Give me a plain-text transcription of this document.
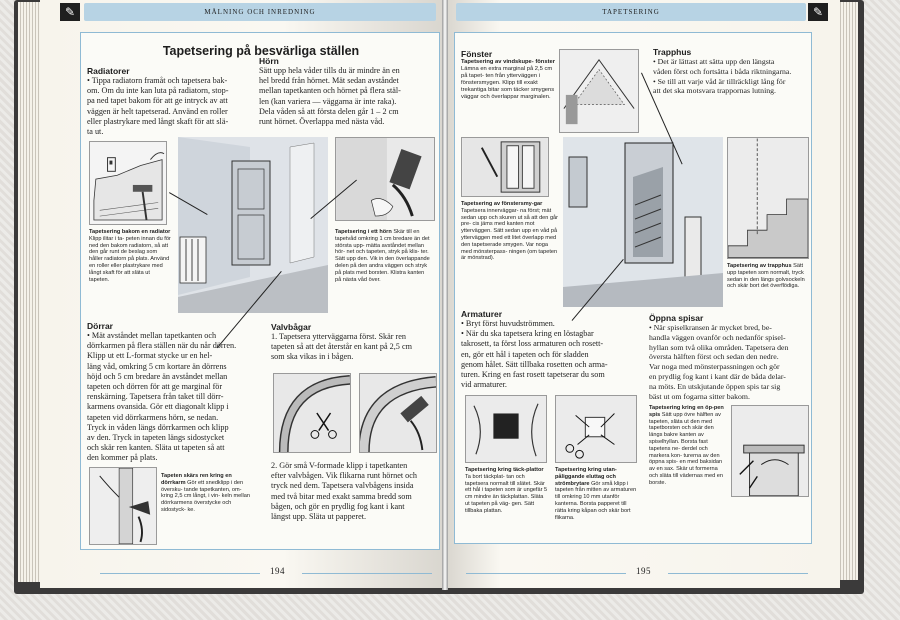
✎	MÅLNING OCH INREDNING
Tapetsering på besvärliga ställen
Radiatorer

• Tippa radiatorn framåt och tapetsera bak-

om. Om du inte kan luta på radiatorn, stop-

pa ned tapet bakom för att ge intryck av att

väggen är helt tapetserad. Använd en roller

eller plastrykare med långt skaft för att slä-

ta ut.

Tapetsering bakom en radiator Klipp ilitar i ta- peten innan du för ned den bakom radiatorn, så att den går runt de beslag som håller radiatorn på plats. Använd en roller eller plastrykare med långt skaft för att släta ut tapeten.
Hörn

Sätt upp hela våder tills du är mindre än en

hel bredd från hörnet. Mät sedan avståndet

mellan tapetkanten och hörnet på flera stäl-

len (kan variera — väggarna är inte raka).

Dela våden så att första delen går 1 – 2 cm

runt hörnet. Överlappa med nästa våd.

Tapetsering i ett hörn Skär till en tapetvåd omkring 1 cm bredare än det största upp- mätta avståndet mellan hör- net och tapeten, stryk på klis- ter. Sätt upp den. Vik in den överlappande delen på den andra väggen och stryk på plats med borsten. Klistra kanten på nästa våd över.
Dörrar

• Mät avståndet mellan tapetkanten och

dörrkarmen på flera ställen när du når dörren.

Klipp ut ett L-format stycke ur en hel-

läng våd, omkring 5 cm kortare än dörrens

höjd och 5 cm bredare än avståndet mellan

tapeten och dörren för att ge marginal för

renskärning. Tapetsera från taket till dörr-

karmens ovansida. Gör ett diagonalt klipp i

tapeten vid dörrkarmens hörn, se nedan.

Tryck in våden längs dörrkarmen och klipp

av den. Tryck in tapeten längs sidostycket

och skär ren kanten. Släta ut tapeten så att

den kommer på plats.

Tapeten skärs ren kring en dörrkarm Gör ett snedklipp i den översku- tande tapetkanten, om- kring 2,5 cm långt, i vin- keln mellan dörrkarmens överstycke och sidostyck- ke.
Valvbågar

1. Tapetsera ytterväggarna först. Skär ren

tapeten så att det återstår en kant på 2,5 cm

som ska vikas in i bågen.

2. Gör små V-formade klipp i tapetkanten

efter valvbågen. Vik flikarna runt hörnet och

tryck ned dem. Tapetsera valvbågens insida

med två bitar med exakt samma bredd som

bågen, och gör en prydlig fog kant i kant

längst upp. Släta ut papperet.

194
TAPETSERING	✎
Fönster
Tapetsering av vindskupe- fönster Lämna en extra marginal på 2,5 cm på tapet- ten från ytterväggen i fönstersmygen. Klipp till exakt trekantiga bitar som täcker smygens väggar och överlappar marginalen.
Tapetsering av fönstersmy-gar Tapetsera innerväggar- na först; mät sedan upp och skuren ut så att den går pre- cis jäms med kanten mot ytterväggen. Sätt sedan upp en våd på ytterväggen med ett litet överlapp med den tapetserade smygen. Var noga med mönsterpass- ningen (om tapeten är mönstrad).
Trapphus

• Det är lättast att sätta upp den längsta

våden först och fortsätta i båda riktningarna.

• Se till att varje våd är tillräckligt lång för

att det ska motsvara trappornas lutning.

Tapetsering av trapphus Sätt upp tapeten som normalt, tryck sedan in den längs golvsockeln och skär bort det överflödiga.
Armaturer

• Bryt först huvudströmmen.

• När du ska tapetsera kring en löstagbar

takrosett, ta först loss armaturen och rosett-

en, gör ett hål i tapeten och för sladden

genom hålet. Sätt tillbaka rosetten och arma-

turen. Kring en fast rosett tapetserar du som

vid armaturer.

Tapetsering kring täck-plattor Ta bort täckplat- tan och tapetsera normalt till slätet. Skär ett hål i tapeten som är ungefär 5 cm mindre än täckplattan. Släta ut tapeten på väg- gen. Sätt tillbaka plattan.
Tapetsering kring utan-påliggande eluttag och strömbrytare Gör små klipp i tapeten från mitten av armaturen till omkring 10 mm utanför kanterna. Borsta papperet till rätta kring kåpan och skär bort flikarna.
Öppna spisar

• När spiselkransen är mycket bred, be-

handla väggen ovanför och nedanför spisel-

hyllan som två olika områden. Tapetsera den

översta hälften först och sedan den nedre.

Var noga med mönsterpassningen och gör

en prydlig fog kant i kant där de båda delar-

na möts. En utskjutande öppen spis tar sig

bäst ut om fogarna sitter bakom.

Tapetsering kring en öp-pen spis Sätt upp övre hälften av tapeten, släta ut den med tapetborsten och skär den längs bakre kanten av spiselhyllan. Borsta fast tapetens ne- derdel och markera kon- turerna av den öppna spis- en med baksidan av en sax. Skär ut formerna och släta till vädernas med en borste.
195
